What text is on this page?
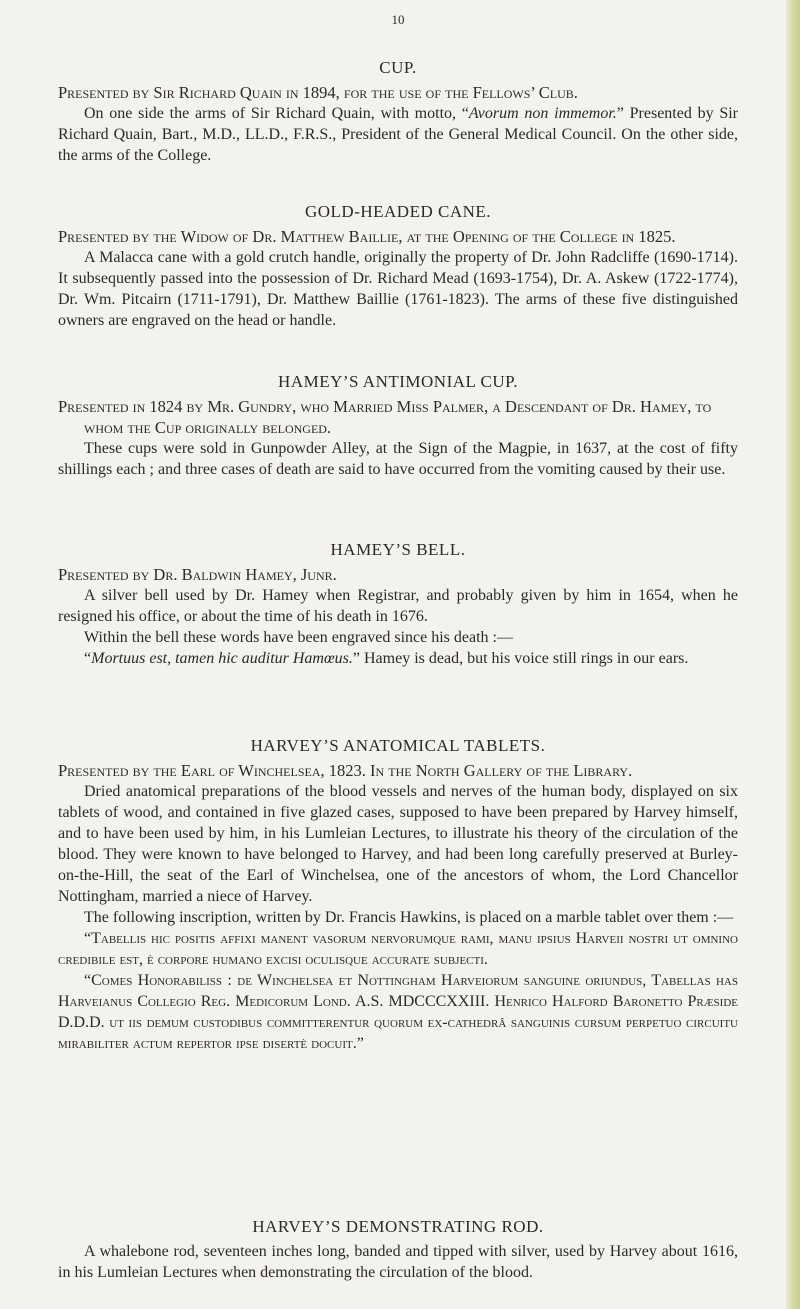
10
CUP.
Presented by Sir Richard Quain in 1894, for the use of the Fellows’ Club.

On one side the arms of Sir Richard Quain, with motto, “Avorum non immemor.” Presented by Sir Richard Quain, Bart., M.D., LL.D., F.R.S., President of the General Medical Council. On the other side, the arms of the College.

GOLD-HEADED CANE.
Presented by the Widow of Dr. Matthew Baillie, at the Opening of the College in 1825.

A Malacca cane with a gold crutch handle, originally the property of Dr. John Radcliffe (1690-1714). It subsequently passed into the possession of Dr. Richard Mead (1693-1754), Dr. A. Askew (1722-1774), Dr. Wm. Pitcairn (1711-1791), Dr. Matthew Baillie (1761-1823). The arms of these five distinguished owners are engraved on the head or handle.

HAMEY’S ANTIMONIAL CUP.
Presented in 1824 by Mr. Gundry, who Married Miss Palmer, a Descendant of Dr. Hamey, to whom the Cup originally belonged.

These cups were sold in Gunpowder Alley, at the Sign of the Magpie, in 1637, at the cost of fifty shillings each ; and three cases of death are said to have occurred from the vomiting caused by their use.

HAMEY’S BELL.
Presented by Dr. Baldwin Hamey, Junr.

A silver bell used by Dr. Hamey when Registrar, and probably given by him in 1654, when he resigned his office, or about the time of his death in 1676.

Within the bell these words have been engraved since his death :—

“Mortuus est, tamen hic auditur Hamœus.” Hamey is dead, but his voice still rings in our ears.

HARVEY’S ANATOMICAL TABLETS.
Presented by the Earl of Winchelsea, 1823. In the North Gallery of the Library.

Dried anatomical preparations of the blood vessels and nerves of the human body, displayed on six tablets of wood, and contained in five glazed cases, supposed to have been prepared by Harvey himself, and to have been used by him, in his Lumleian Lectures, to illustrate his theory of the circulation of the blood. They were known to have belonged to Harvey, and had been long carefully preserved at Burley-on-the-Hill, the seat of the Earl of Winchelsea, one of the ancestors of whom, the Lord Chancellor Nottingham, married a niece of Harvey.

The following inscription, written by Dr. Francis Hawkins, is placed on a marble tablet over them :—

“Tabellis hic positis affixi manent vasorum nervorumque rami, manu ipsius Harveii nostri ut omnino credibile est, è corpore humano excisi oculisque accurate subjecti.

“Comes Honorabiliss : de Winchelsea et Nottingham Harveiorum sanguine oriundus, Tabellas has Harveianus Collegio Reg. Medicorum Lond. A.S. MDCCCXXIII. Henrico Halford Baronetto Præside D.D.D. ut iis demum custodibus committerentur quorum ex-cathedrâ sanguinis cursum perpetuo circuitu mirabiliter actum repertor ipse disertè docuit.”

HARVEY’S DEMONSTRATING ROD.

A whalebone rod, seventeen inches long, banded and tipped with silver, used by Harvey about 1616, in his Lumleian Lectures when demonstrating the circulation of the blood.
